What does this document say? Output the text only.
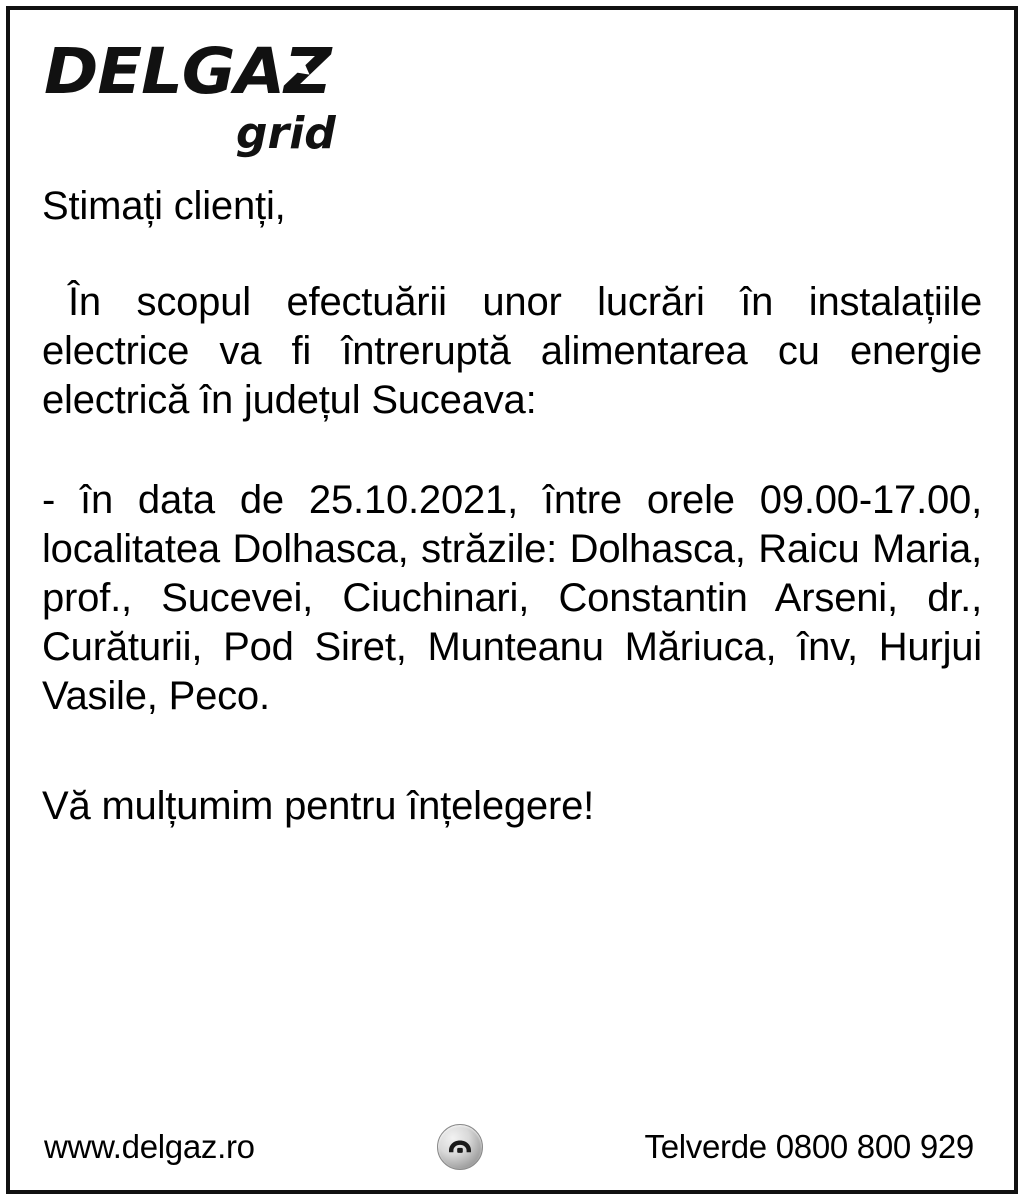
DELGAZ
grid

Stimați clienți,

În scopul efectuării unor lucrări în instalațiile electrice va fi întreruptă alimentarea cu energie electrică în județul Suceava:

- în data de 25.10.2021, între orele 09.00-17.00, localitatea Dolhasca, străzile: Dolhasca, Raicu Maria, prof., Sucevei, Ciuchinari, Constantin Arseni, dr., Curăturii, Pod Siret, Munteanu Măriuca, înv, Hurjui Vasile, Peco.

Vă mulțumim pentru înțelegere!

www.delgaz.ro	Telverde 0800 800 929
